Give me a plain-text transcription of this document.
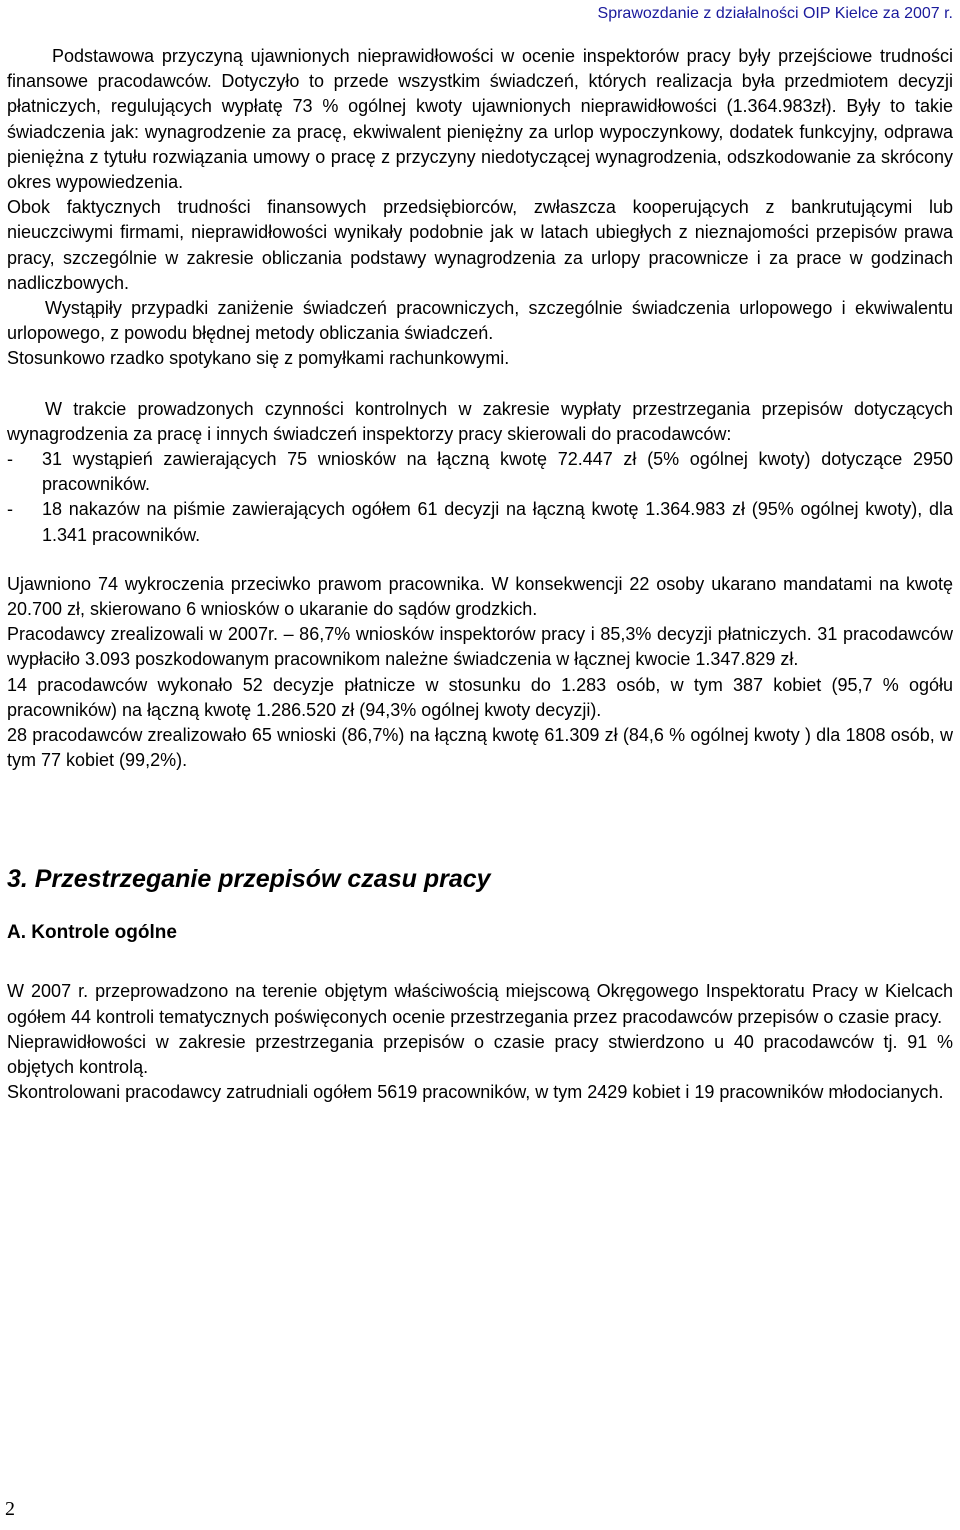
Sprawozdanie z działalności OIP Kielce za 2007 r.

Podstawowa przyczyną ujawnionych nieprawidłowości w ocenie inspektorów pracy były przejściowe trudności finansowe pracodawców. Dotyczyło to przede wszystkim świadczeń, których realizacja była przedmiotem decyzji płatniczych, regulujących wypłatę 73 % ogólnej kwoty ujawnionych nieprawidłowości (1.364.983zł). Były to takie świadczenia jak: wynagrodzenie za pracę, ekwiwalent pieniężny za urlop wypoczynkowy, dodatek funkcyjny, odprawa pieniężna z tytułu rozwiązania umowy o pracę z przyczyny niedotyczącej wynagrodzenia, odszkodowanie za skrócony okres wypowiedzenia.

Obok faktycznych trudności finansowych przedsiębiorców, zwłaszcza kooperujących z bankrutującymi lub nieuczciwymi firmami, nieprawidłowości wynikały podobnie jak w latach ubiegłych z nieznajomości przepisów prawa pracy, szczególnie w zakresie obliczania podstawy wynagrodzenia za urlopy pracownicze i za prace w godzinach nadliczbowych.

Wystąpiły przypadki zaniżenie świadczeń pracowniczych, szczególnie świadczenia urlopowego i ekwiwalentu urlopowego, z powodu błędnej metody obliczania świadczeń.

Stosunkowo rzadko spotykano się z pomyłkami rachunkowymi.

W trakcie prowadzonych czynności kontrolnych w zakresie wypłaty przestrzegania przepisów dotyczących wynagrodzenia za pracę i innych świadczeń inspektorzy pracy skierowali do pracodawców:

- 31 wystąpień zawierających 75 wniosków na łączną kwotę 72.447 zł (5% ogólnej kwoty) dotyczące 2950 pracowników.

- 18 nakazów na piśmie zawierających ogółem 61 decyzji na łączną kwotę 1.364.983 zł (95% ogólnej kwoty), dla 1.341 pracowników.

Ujawniono 74 wykroczenia przeciwko prawom pracownika. W konsekwencji 22 osoby ukarano mandatami na kwotę 20.700 zł, skierowano 6 wniosków o ukaranie do sądów grodzkich.

Pracodawcy zrealizowali w 2007r. – 86,7% wniosków inspektorów pracy i 85,3% decyzji płatniczych. 31 pracodawców wypłaciło 3.093 poszkodowanym pracownikom należne świadczenia w łącznej kwocie 1.347.829 zł.

14 pracodawców wykonało 52 decyzje płatnicze w stosunku do 1.283 osób, w tym 387 kobiet (95,7 % ogółu pracowników) na łączną kwotę 1.286.520 zł (94,3% ogólnej kwoty decyzji).

28 pracodawców zrealizowało 65 wnioski (86,7%) na łączną kwotę 61.309 zł (84,6 % ogólnej kwoty ) dla 1808 osób, w tym 77 kobiet (99,2%).

3. Przestrzeganie przepisów czasu pracy
A. Kontrole ogólne

W 2007 r. przeprowadzono na terenie objętym właściwością miejscową Okręgowego Inspektoratu Pracy w Kielcach ogółem 44 kontroli tematycznych poświęconych ocenie przestrzegania przez pracodawców przepisów o czasie pracy.

Nieprawidłowości w zakresie przestrzegania przepisów o czasie pracy stwierdzono u 40 pracodawców tj. 91 % objętych kontrolą.

Skontrolowani pracodawcy zatrudniali ogółem 5619 pracowników, w tym 2429 kobiet i 19 pracowników młodocianych.

2
